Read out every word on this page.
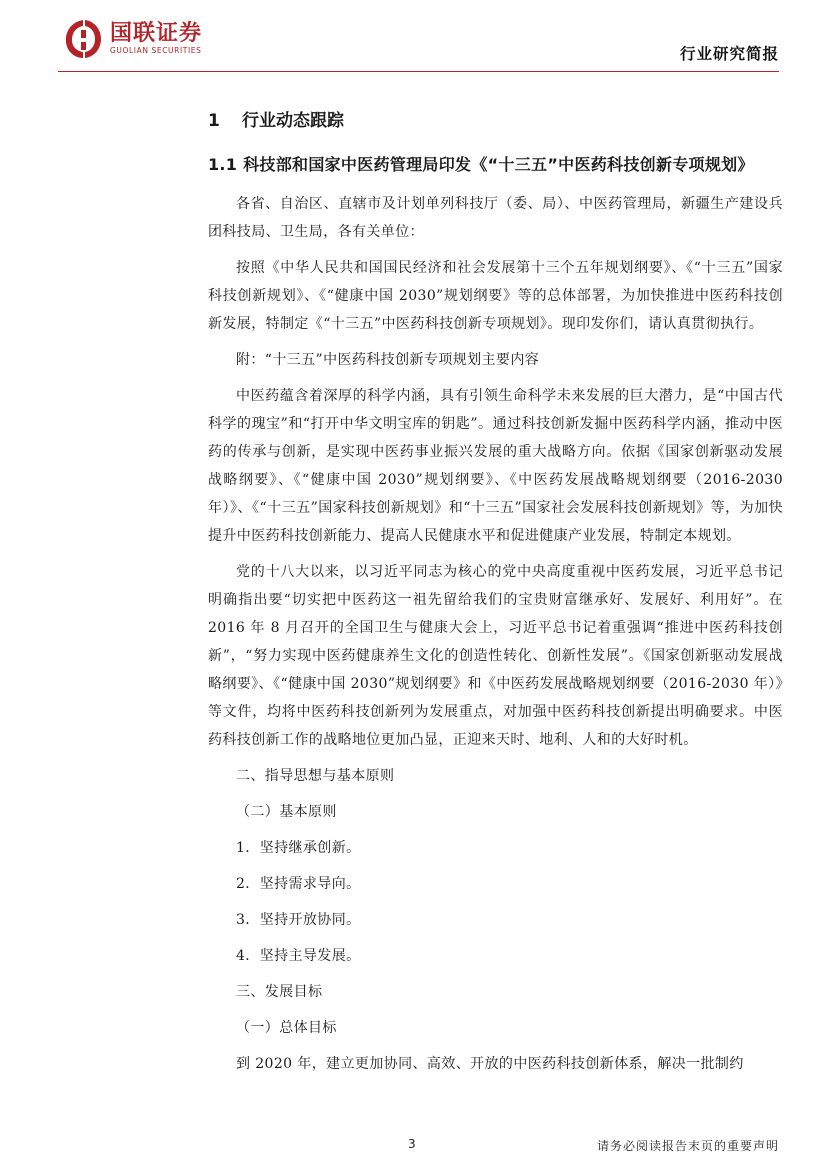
国联证券
GUOLIAN SECURITIES	行业研究简报
1 行业动态跟踪
1.1 科技部和国家中医药管理局印发《“十三五”中医药科技创新专项规划》
各省、自治区、直辖市及计划单列科技厅（委、局）、中医药管理局，新疆生产建设兵团科技局、卫生局，各有关单位：
按照《中华人民共和国国民经济和社会发展第十三个五年规划纲要》、《“十三五”国家科技创新规划》、《“健康中国 2030”规划纲要》等的总体部署，为加快推进中医药科技创新发展，特制定《“十三五”中医药科技创新专项规划》。现印发你们，请认真贯彻执行。
附：“十三五”中医药科技创新专项规划主要内容
中医药蕴含着深厚的科学内涵，具有引领生命科学未来发展的巨大潜力，是“中国古代科学的瑰宝”和“打开中华文明宝库的钥匙”。通过科技创新发掘中医药科学内涵，推动中医药的传承与创新，是实现中医药事业振兴发展的重大战略方向。依据《国家创新驱动发展战略纲要》、《“健康中国 2030”规划纲要》、《中医药发展战略规划纲要（2016-2030 年）》、《“十三五”国家科技创新规划》和“十三五”国家社会发展科技创新规划》等，为加快提升中医药科技创新能力、提高人民健康水平和促进健康产业发展，特制定本规划。
党的十八大以来，以习近平同志为核心的党中央高度重视中医药发展，习近平总书记明确指出要“切实把中医药这一祖先留给我们的宝贵财富继承好、发展好、利用好”。在 2016 年 8 月召开的全国卫生与健康大会上，习近平总书记着重强调“推进中医药科技创新”，“努力实现中医药健康养生文化的创造性转化、创新性发展”。《国家创新驱动发展战略纲要》、《“健康中国 2030”规划纲要》和《中医药发展战略规划纲要（2016-2030 年）》等文件，均将中医药科技创新列为发展重点，对加强中医药科技创新提出明确要求。中医药科技创新工作的战略地位更加凸显，正迎来天时、地利、人和的大好时机。
二、指导思想与基本原则
（二）基本原则
1．坚持继承创新。
2．坚持需求导向。
3．坚持开放协同。
4．坚持主导发展。
三、发展目标
（一）总体目标
到 2020 年，建立更加协同、高效、开放的中医药科技创新体系，解决一批制约
3	请务必阅读报告末页的重要声明
